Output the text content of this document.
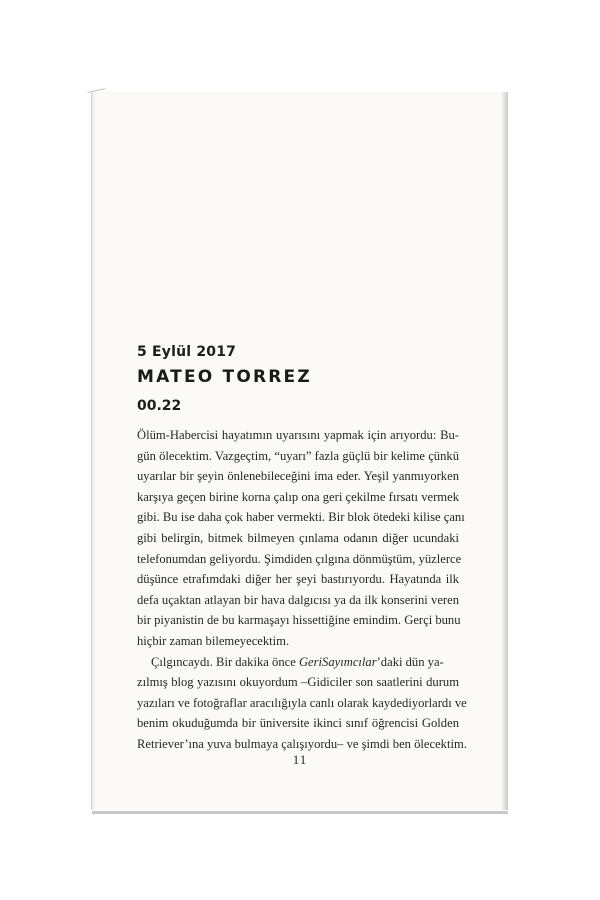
5 Eylül 2017
MATEO TORREZ
00.22
Ölüm-Habercisi hayatımın uyarısını yapmak için arıyordu: Bu-
gün ölecektim. Vazgeçtim, “uyarı” fazla güçlü bir kelime çünkü
uyarılar bir şeyin önlenebileceğini ima eder. Yeşil yanmıyorken
karşıya geçen birine korna çalıp ona geri çekilme fırsatı vermek
gibi. Bu ise daha çok haber vermekti. Bir blok ötedeki kilise çanı
gibi belirgin, bitmek bilmeyen çınlama odanın diğer ucundaki
telefonumdan geliyordu. Şimdiden çılgına dönmüştüm, yüzlerce
düşünce etrafımdaki diğer her şeyi bastırıyordu. Hayatında ilk
defa uçaktan atlayan bir hava dalgıcısı ya da ilk konserini veren
bir piyanistin de bu karmaşayı hissettiğine emindim. Gerçi bunu
hiçbir zaman bilemeyecektim.
Çılgıncaydı. Bir dakika önce GeriSayımcılar’daki dün ya-
zılmış blog yazısını okuyordum –Gidiciler son saatlerini durum
yazıları ve fotoğraflar aracılığıyla canlı olarak kaydediyorlardı ve
benim okuduğumda bir üniversite ikinci sınıf öğrencisi Golden
Retriever’ına yuva bulmaya çalışıyordu– ve şimdi ben ölecektim.
11
